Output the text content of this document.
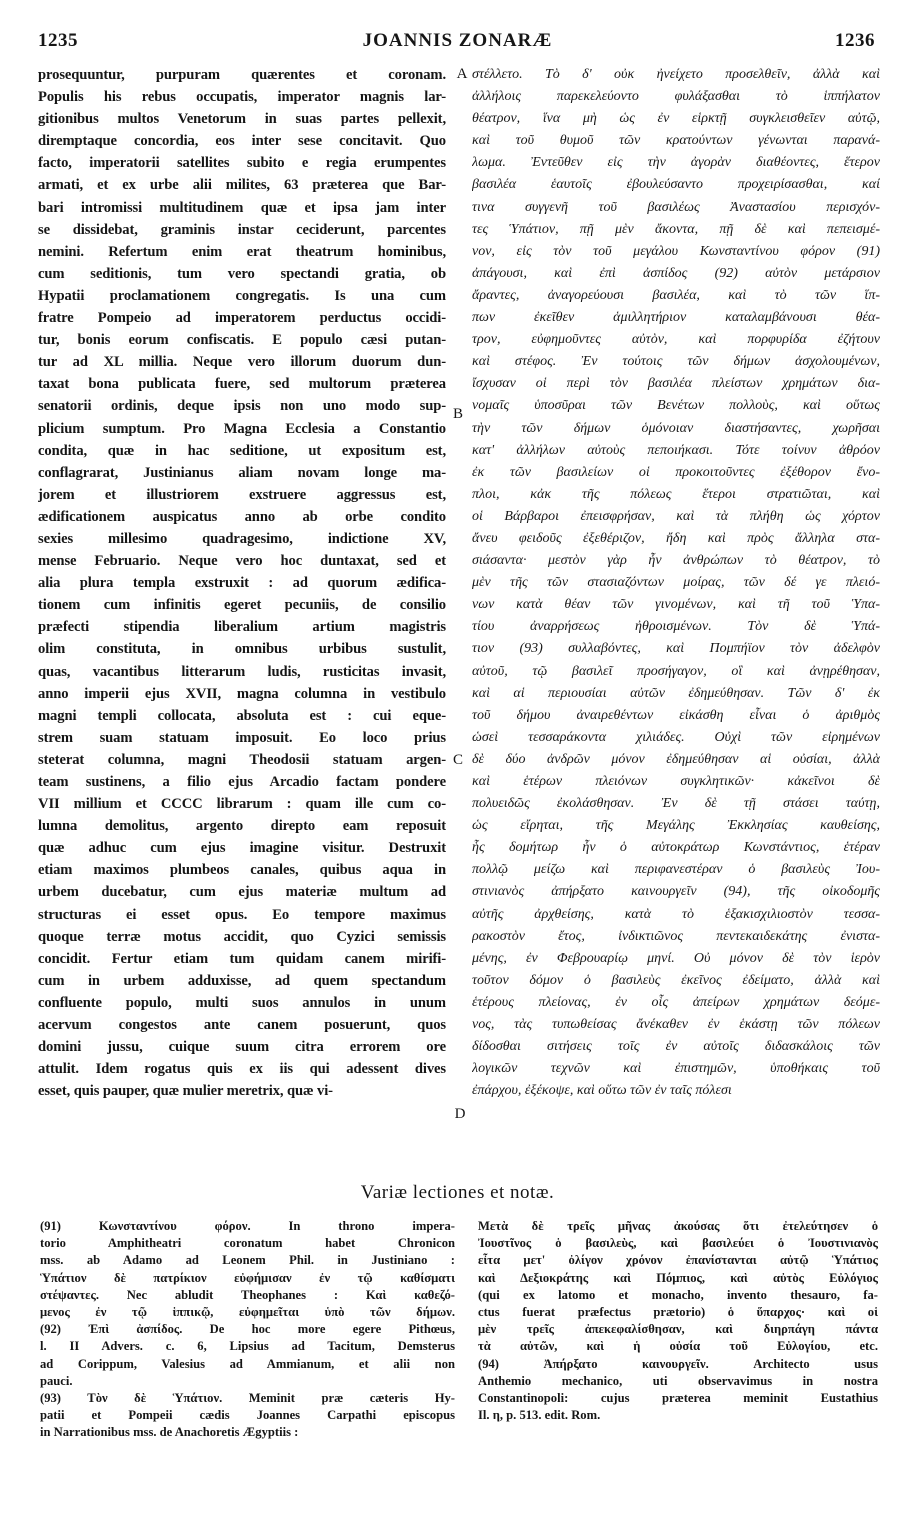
JOANNIS ZONARÆ
1235	1236
prosequuntur, purpuram quærentes et coronam.
Populis his rebus occupatis, imperator magnis lar-
gitionibus multos Venetorum in suas partes pellexit,
diremptaque concordia, eos inter sese concitavit. Quo
facto, imperatorii satellites subito e regia erumpentes
armati, et ex urbe alii milites, 63 præterea que Bar-
bari intromissi multitudinem quæ et ipsa jam inter
se dissidebat, graminis instar ceciderunt, parcentes
nemini. Refertum enim erat theatrum hominibus,
cum seditionis, tum vero spectandi gratia, ob
Hypatii proclamationem congregatis. Is una cum
fratre Pompeio ad imperatorem perductus occidi-
tur, bonis eorum confiscatis. E populo cæsi putan-
tur ad XL millia. Neque vero illorum duorum dun-
taxat bona publicata fuere, sed multorum præterea
senatorii ordinis, deque ipsis non uno modo sup-
plicium sumptum. Pro Magna Ecclesia a Constantio
condita, quæ in hac seditione, ut expositum est,
conflagrarat, Justinianus aliam novam longe ma-
jorem et illustriorem exstruere aggressus est,
ædificationem auspicatus anno ab orbe condito
sexies millesimo quadragesimo, indictione XV,
mense Februario. Neque vero hoc duntaxat, sed et
alia plura templa exstruxit : ad quorum ædifica-
tionem cum infinitis egeret pecuniis, de consilio
præfecti stipendia liberalium artium magistris
olim constituta, in omnibus urbibus sustulit,
quas, vacantibus litterarum ludis, rusticitas invasit,
anno imperii ejus XVII, magna columna in vestibulo
magni templi collocata, absoluta est : cui eque-
strem suam statuam imposuit. Eo loco prius
steterat columna, magni Theodosii statuam argen-
team sustinens, a filio ejus Arcadio factam pondere
VII millium et CCCC librarum : quam ille cum co-
lumna demolitus, argento direpto eam reposuit
quæ adhuc cum ejus imagine visitur. Destruxit
etiam maximos plumbeos canales, quibus aqua in
urbem ducebatur, cum ejus materiæ multum ad
structuras ei esset opus. Eo tempore maximus
quoque terræ motus accidit, quo Cyzici semissis
concidit. Fertur etiam tum quidam canem mirifi-
cum in urbem adduxisse, ad quem spectandum
confluente populo, multi suos annulos in unum
acervum congestos ante canem posuerunt, quos
domini jussu, cuique suum citra errorem ore
attulit. Idem rogatus quis ex iis qui adessent dives
esset, quis pauper, quæ mulier meretrix, quæ vi-
στέλλετο. Τὸ δ' οὐκ ἠνείχετο προσελθεῖν, ἀλλὰ καὶ
ἀλλήλοις παρεκελεύοντο φυλάξασθαι τὸ ἱππήλατον
θέατρον, ἵνα μὴ ὡς ἐν εἱρκτῇ συγκλεισθεῖεν αὐτῷ,
καὶ τοῦ θυμοῦ τῶν κρατούντων γένωνται παρανά-
λωμα. Ἐντεῦθεν εἰς τὴν ἀγορὰν διαθέοντες, ἕτερον
βασιλέα ἑαυτοῖς ἐβουλεύσαντο προχειρίσασθαι, καί
τινα συγγενῆ τοῦ βασιλέως Ἀναστασίου περισχόν-
τες Ὑπάτιον, πῇ μὲν ἄκοντα, πῇ δὲ καὶ πεπεισμέ-
νον, εἰς τὸν τοῦ μεγάλου Κωνσταντίνου φόρον (91)
ἀπάγουσι, καὶ ἐπὶ ἀσπίδος (92) αὐτὸν μετάρσιον
ἄραντες, ἀναγορεύουσι βασιλέα, καὶ τὸ τῶν ἵπ-
πων ἐκεῖθεν ἁμιλλητήριον καταλαμβάνουσι θέα-
τρον, εὐφημοῦντες αὐτὸν, καὶ πορφυρίδα ἐζήτουν
καὶ στέφος. Ἐν τούτοις τῶν δήμων ἀσχολουμένων,
ἴσχυσαν οἱ περὶ τὸν βασιλέα πλείστων χρημάτων δια-
νομαῖς ὑποσῦραι τῶν Βενέτων πολλοὺς, καὶ οὕτως
τὴν τῶν δήμων ὁμόνοιαν διαστήσαντες, χωρῆσαι
κατ' ἀλλήλων αὐτοὺς πεποιήκασι. Τότε τοίνυν ἀθρόον
ἐκ τῶν βασιλείων οἱ προκοιτοῦντες ἐξέθορον ἔνο-
πλοι, κἀκ τῆς πόλεως ἕτεροι στρατιῶται, καὶ
οἱ Βάρβαροι ἐπεισφρήσαν, καὶ τὰ πλήθη ὡς χόρτον
ἄνευ φειδοῦς ἐξεθέριζον, ἤδη καὶ πρὸς ἄλληλα στα-
σιάσαντα· μεστὸν γὰρ ἦν ἀνθρώπων τὸ θέατρον, τὸ
μὲν τῆς τῶν στασιαζόντων μοίρας, τῶν δέ γε πλειό-
νων κατὰ θέαν τῶν γινομένων, καὶ τῆ τοῦ Ὑπα-
τίου ἀναρρήσεως ἠθροισμένων. Τὸν δὲ Ὑπά-
τιον (93) συλλαβόντες, καὶ Πομπήϊον τὸν ἀδελφὸν
αὐτοῦ, τῷ βασιλεῖ προσήγαγον, οἳ καὶ ἀνῃρέθησαν,
καὶ αἱ περιουσίαι αὐτῶν ἐδημεύθησαν. Τῶν δ' ἐκ
τοῦ δήμου ἀναιρεθέντων εἰκάσθη εἶναι ὁ ἀριθμὸς
ὡσεὶ τεσσαράκοντα χιλιάδες. Οὐχὶ τῶν εἰρημένων
δὲ δύο ἀνδρῶν μόνον ἐδημεύθησαν αἱ οὐσίαι, ἀλλὰ
καὶ ἑτέρων πλειόνων συγκλητικῶν· κἀκεῖνοι δὲ
πολυειδῶς ἐκολάσθησαν. Ἐν δὲ τῇ στάσει ταύτῃ,
ὡς εἴρηται, τῆς Μεγάλης Ἐκκλησίας καυθείσης,
ἧς δομήτωρ ἦν ὁ αὐτοκράτωρ Κωνστάντιος, ἑτέραν
πολλῷ μείζω καὶ περιφανεστέραν ὁ βασιλεὺς Ἰου-
στινιανὸς ἀπήρξατο καινουργεῖν (94), τῆς οἰκοδομῆς
αὐτῆς ἀρχθείσης, κατὰ τὸ ἑξακισχιλιοστὸν τεσσα-
ρακοστὸν ἔτος, ἰνδικτιῶνος πεντεκαιδεκάτης ἐνιστα-
μένης, ἐν Φεβρουαρίῳ μηνί. Οὐ μόνον δὲ τὸν ἱερὸν
τοῦτον δόμον ὁ βασιλεὺς ἐκεῖνος ἐδείματο, ἀλλὰ καὶ
ἑτέρους πλείονας, ἐν οἷς ἀπείρων χρημάτων δεόμε-
νος, τὰς τυπωθείσας ἄνέκαθεν ἐν ἑκάστῃ τῶν πόλεων
δίδοσθαι σιτήσεις τοῖς ἐν αὐτοῖς διδασκάλοις τῶν
λογικῶν τεχνῶν καὶ ἐπιστημῶν, ὑποθήκαις τοῦ
ἐπάρχου, ἐξέκοψε, καὶ οὕτω τῶν ἐν ταῖς πόλεσι
A
B
C
D
Variæ lectiones et notæ.
(91) Κωνσταντίνου φόρον. In throno impera-
torio Amphitheatri coronatum habet Chronicon
mss. ab Adamo ad Leonem Phil. in Justiniano :
Ὑπάτιον δὲ πατρίκιον εὐφήμισαν ἐν τῷ καθίσματι
στέψαντες. Nec abludit Theophanes : Καὶ καθεζό-
μενος ἐν τῷ ἱππικῷ, εὐφημεῖται ὑπὸ τῶν δήμων.
(92) Ἐπὶ ἀσπίδος. De hoc more egere Pithœus,
l. II Advers. c. 6, Lipsius ad Tacitum, Demsterus
ad Corippum, Valesius ad Ammianum, et alii non
pauci.
(93) Τὸν δὲ Ὑπάτιον. Meminit præ cæteris Hy-
patii et Pompeii cædis Joannes Carpathi episcopus
in Narrationibus mss. de Anachoretis Ægyptiis :
Μετὰ δὲ τρεῖς μῆνας ἀκούσας ὅτι ἐτελεύτησεν ὁ
Ἰουστῖνος ὁ βασιλεὺς, καὶ βασιλεύει ὁ Ἰουστινιανὸς
εἶτα μετ' ὀλίγον χρόνον ἐπανίστανται αὐτῷ Ὑπάτιος
καὶ Δεξιοκράτης καὶ Πόμπιος, καὶ αὐτὸς Εὐλόγιος
(qui ex latomo et monacho, invento thesauro, fa-
ctus fuerat præfectus prætorio) ὁ ὕπαρχος· καὶ οἱ
μὲν τρεῖς ἀπεκεφαλίσθησαν, καὶ διηρπάγη πάντα
τὰ αὐτῶν, καὶ ἡ οὐσία τοῦ Εὐλογίου, etc.
(94) Ἀπήρξατο καινουργεῖν. Architecto usus
Anthemio mechanico, uti observavimus in nostra
Constantinopoli: cujus præterea meminit Eustathius
Il. η, p. 513. edit. Rom.
